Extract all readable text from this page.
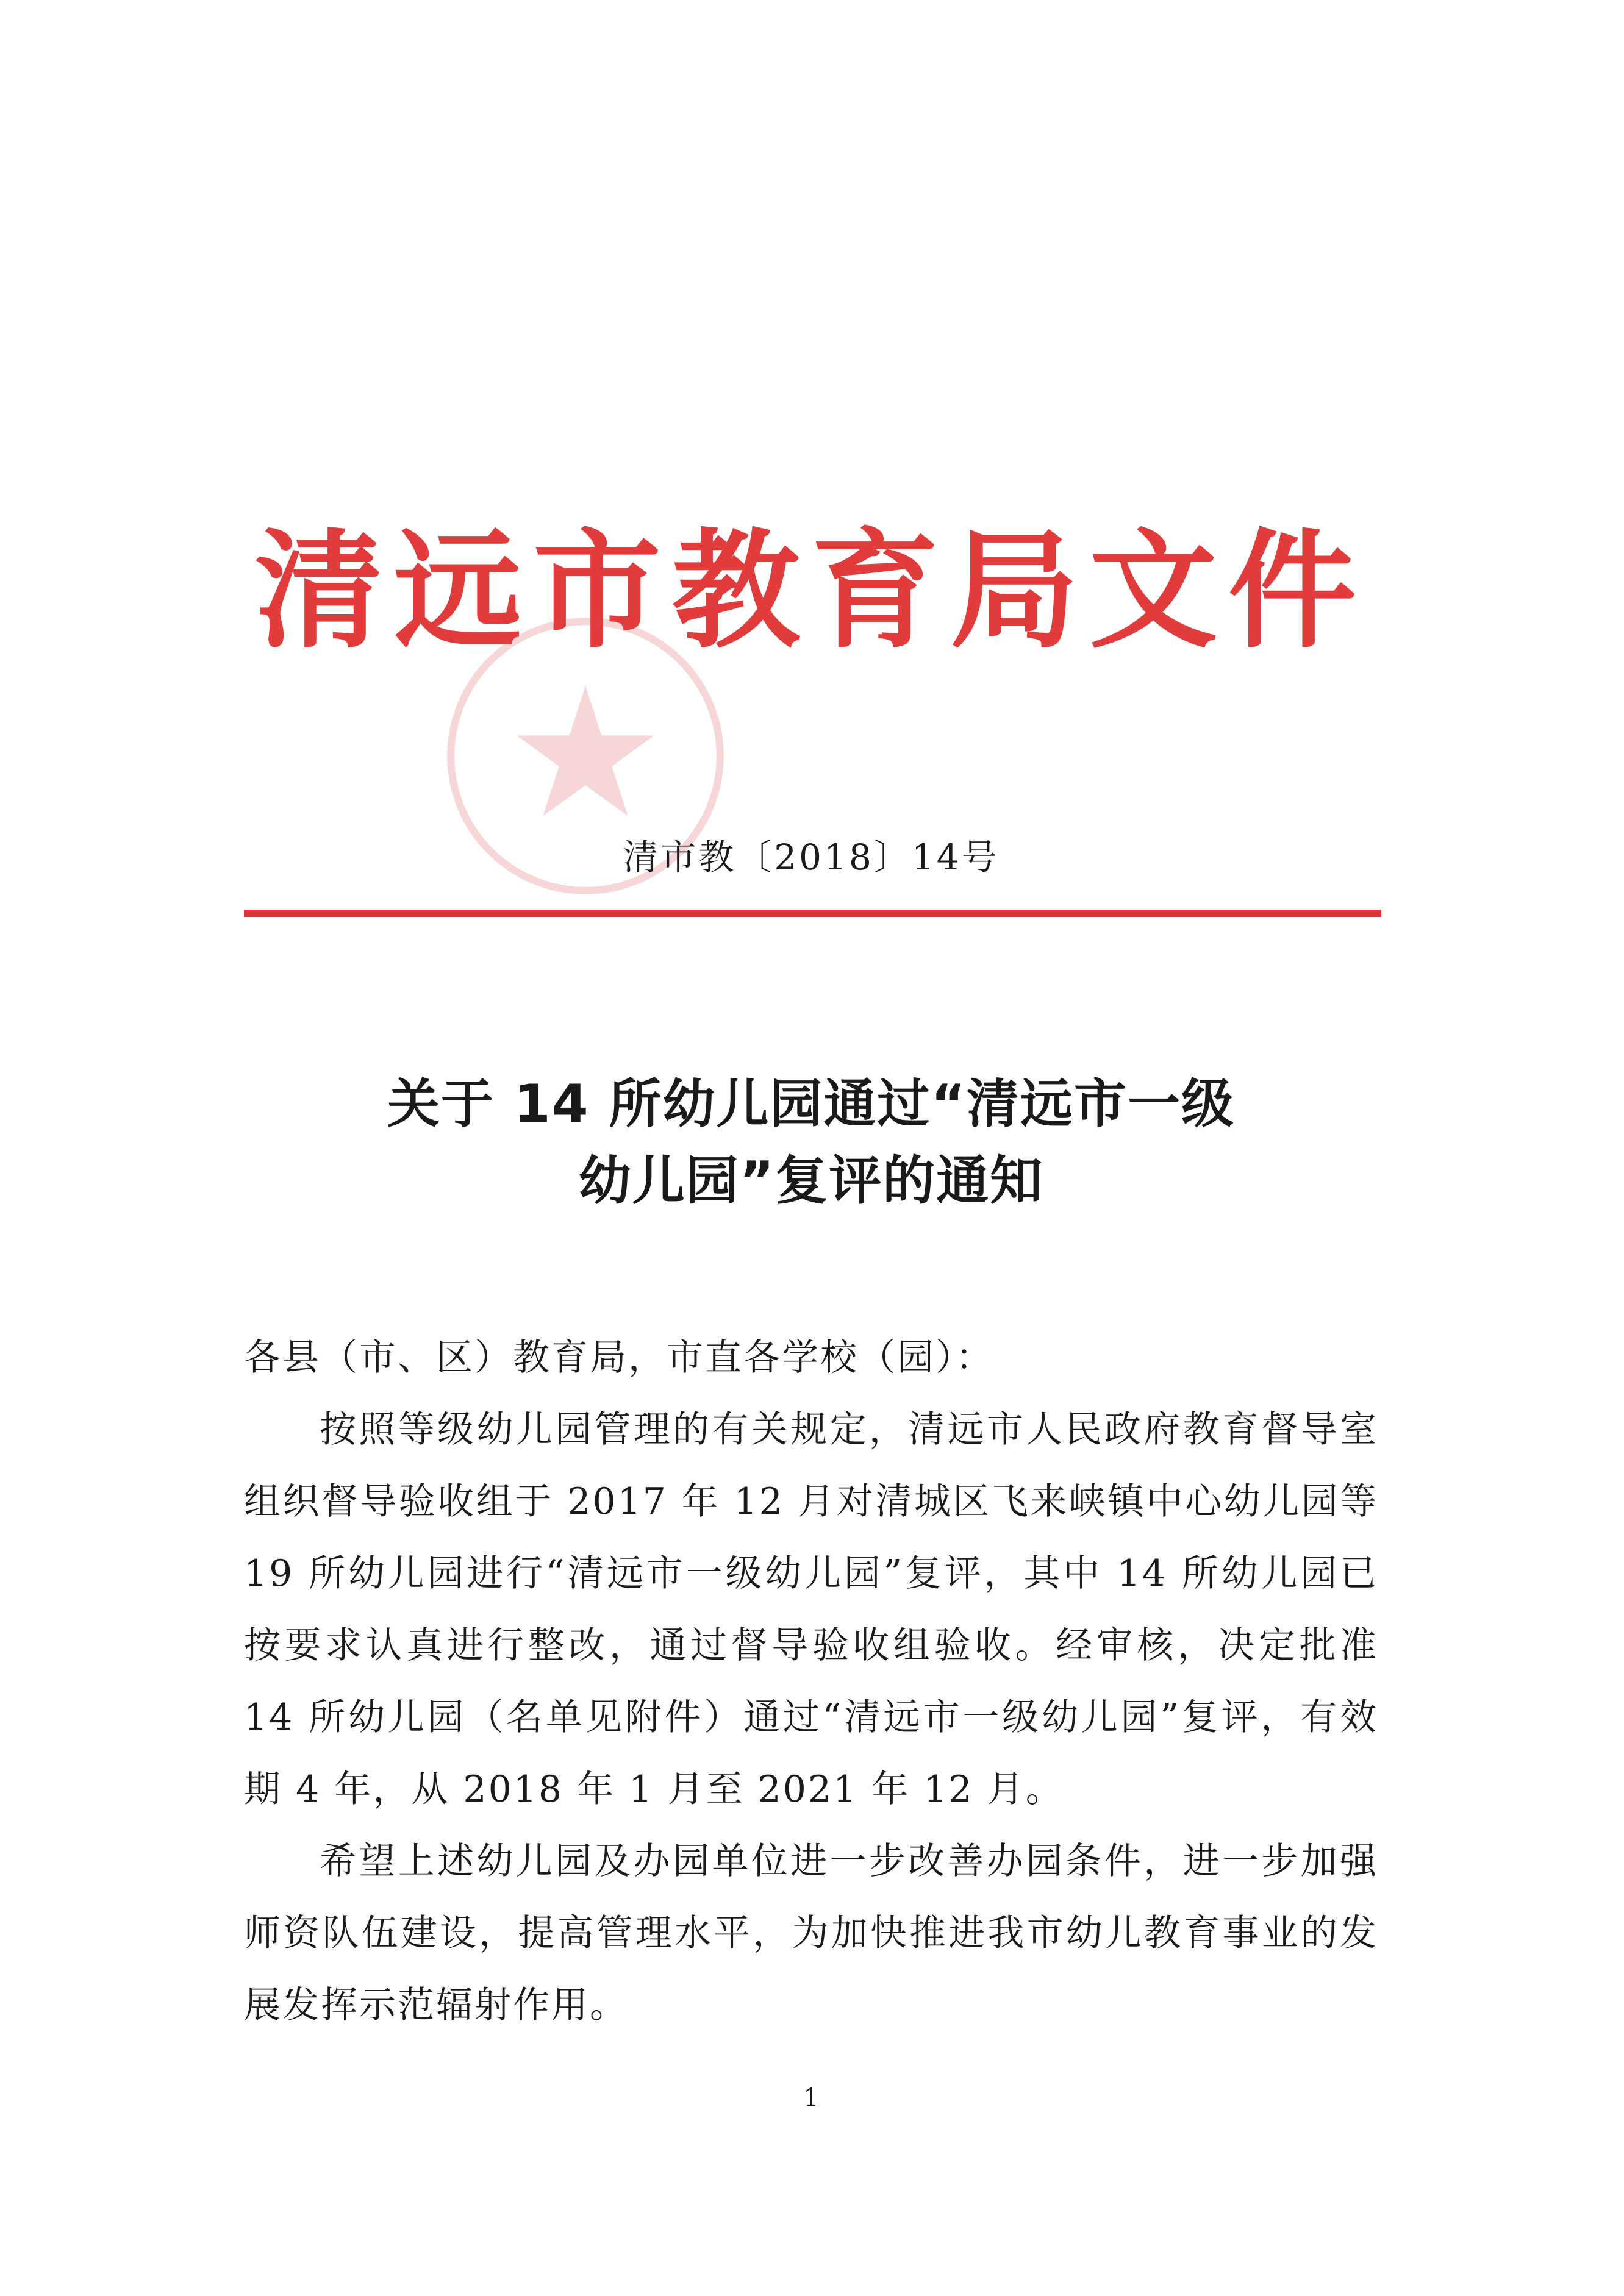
清远市教育局文件
清市教〔2018〕14号
关于 14 所幼儿园通过“清远市一级
幼儿园”复评的通知

各县（市、区）教育局，市直各学校（园）：

按照等级幼儿园管理的有关规定，清远市人民政府教育督导室组织督导验收组于 2017 年 12 月对清城区飞来峡镇中心幼儿园等 19 所幼儿园进行“清远市一级幼儿园”复评，其中 14 所幼儿园已按要求认真进行整改，通过督导验收组验收。经审核，决定批准 14 所幼儿园（名单见附件）通过“清远市一级幼儿园”复评，有效期 4 年，从 2018 年 1 月至 2021 年 12 月。

希望上述幼儿园及办园单位进一步改善办园条件，进一步加强师资队伍建设，提高管理水平，为加快推进我市幼儿教育事业的发展发挥示范辐射作用。

1
